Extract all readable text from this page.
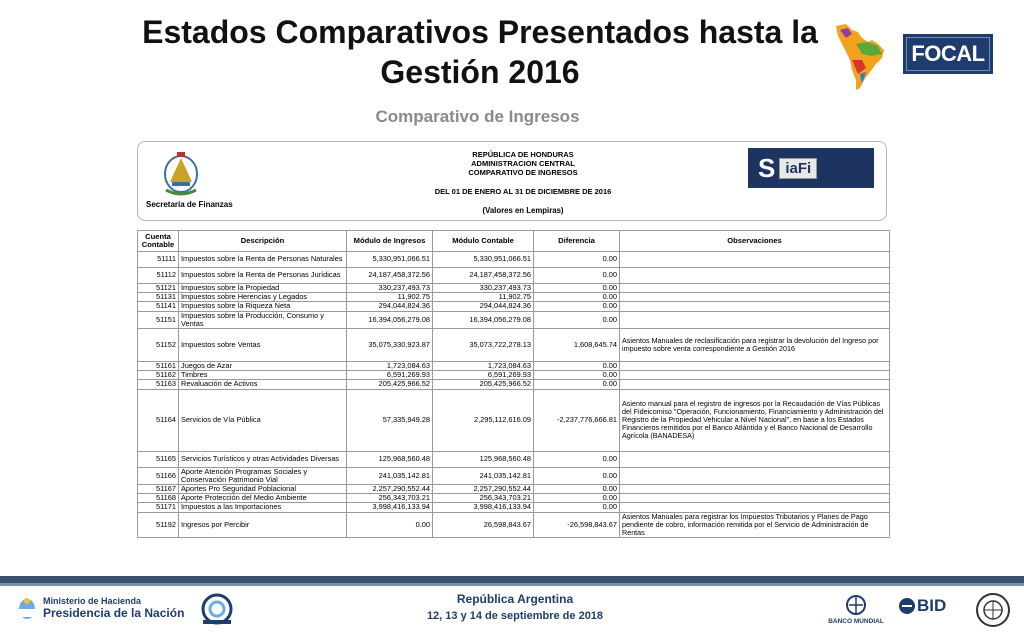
Estados Comparativos Presentados hasta la
Gestión 2016
Comparativo de Ingresos
FOCAL
Secretaría de Finanzas
REPÚBLICA DE HONDURAS
ADMINISTRACION CENTRAL
COMPARATIVO DE INGRESOS
DEL 01 DE ENERO AL 31 DE DICIEMBRE DE 2016
(Valores en Lempiras)
S iaFi
Cuenta Contable	Descripción	Módulo de Ingresos	Módulo Contable	Diferencia	Observaciones
51111	Impuestos sobre la Renta de Personas Naturales	5,330,951,066.51	5,330,951,066.51	0.00	
51112	Impuestos sobre la Renta de Personas Jurídicas	24,187,458,372.56	24,187,458,372.56	0.00	
51121	Impuestos sobre la Propiedad	330,237,493.73	330,237,493.73	0.00	
51131	Impuestos sobre Herencias y Legados	11,902.75	11,902.75	0.00	
51141	Impuestos sobre la Riqueza Neta	294,044,824.36	294,044,824.36	0.00	
51151	Impuestos sobre la Producción, Consumo y Ventas	16,394,056,279.08	16,394,056,279.08	0.00	
51152	Impuestos sobre Ventas	35,075,330,923.87	35,073,722,278.13	1,608,645.74	Asientos Manuales de reclasificación para registrar la devolución del Ingreso por impuesto sobre venta correspondiente a Gestión 2016
51161	Juegos de Azar	1,723,084.63	1,723,084.63	0.00	
51162	Timbres	6,591,269.93	6,591,269.93	0.00	
51163	Revaluación de Activos	205,425,966.52	205,425,966.52	0.00	
51164	Servicios de Vía Pública	57,335,949.28	2,295,112,616.09	-2,237,776,666.81	Asiento manual para el registro de ingresos por la Recaudación de Vías Públicas del Fideicomiso "Operación, Funcionamiento, Financiamiento y Administración del Registro de la Propiedad Vehicular a Nivel Nacional", en base a los Estados Financieros remitidos por el Banco Atlántida y el Banco Nacional de Desarrollo Agrícola (BANADESA)
51165	Servicios Turísticos y otras Actividades Diversas	125,968,560.48	125,968,560.48	0.00	
51166	Aporte Atención Programas Sociales y Conservación Patrimonio Vial	241,035,142.81	241,035,142.81	0.00	
51167	Aportes Pro Seguridad Poblacional	2,257,290,552.44	2,257,290,552.44	0.00	
51168	Aporte Protección del Medio Ambiente	256,343,703.21	256,343,703.21	0.00	
51171	Impuestos a las Importaciones	3,998,416,133.94	3,998,416,133.94	0.00	
51192	Ingresos por Percibir	0.00	26,598,843.67	-26,598,843.67	Asientos Manuales para registrar los Impuestos Tributarios y Planes de Pago pendiente de cobro, información remitida por el Servicio de Administración de Rentas
Ministerio de Hacienda
Presidencia de la Nación
República Argentina
12, 13 y 14 de septiembre de 2018	BANCO MUNDIAL
BID
